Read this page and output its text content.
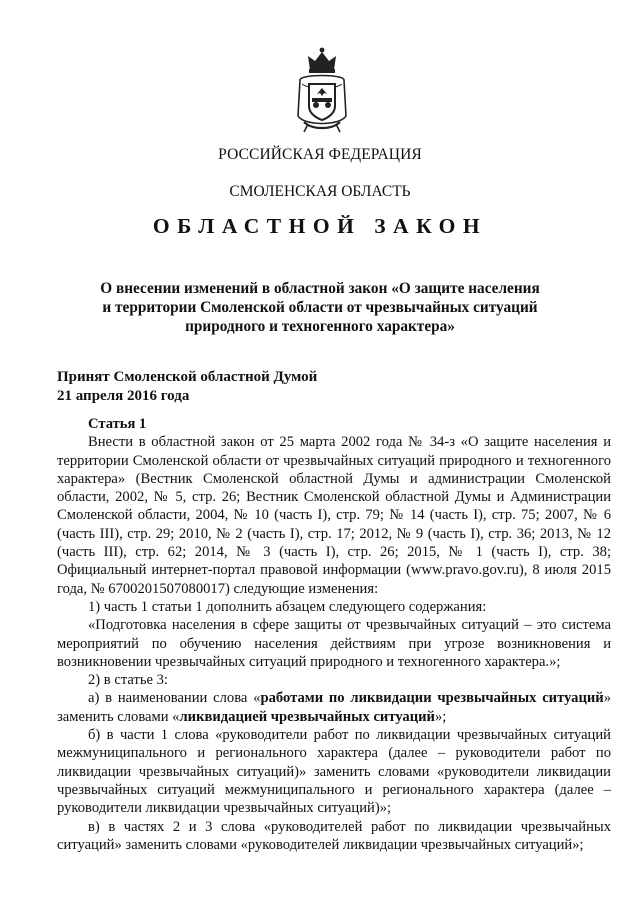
РОССИЙСКАЯ ФЕДЕРАЦИЯ
СМОЛЕНСКАЯ ОБЛАСТЬ
ОБЛАСТНОЙ ЗАКОН
О внесении изменений в областной закон «О защите населения
и территории Смоленской области от чрезвычайных ситуаций
природного и техногенного характера»
Принят Смоленской областной Думой
21 апреля 2016 года

Статья 1

Внести в областной закон от 25 марта 2002 года № 34-з «О защите населения и территории Смоленской области от чрезвычайных ситуаций природного и техногенного характера» (Вестник Смоленской областной Думы и администрации Смоленской области, 2002, № 5, стр. 26; Вестник Смоленской областной Думы и Администрации Смоленской области, 2004, № 10 (часть I), стр. 79; № 14 (часть I), стр. 75; 2007, № 6 (часть III), стр. 29; 2010, № 2 (часть I), стр. 17; 2012, № 9 (часть I), стр. 36; 2013, № 12 (часть III), стр. 62; 2014, № 3 (часть I), стр. 26; 2015, № 1 (часть I), стр. 38; Официальный интернет-портал правовой информации (www.pravo.gov.ru), 8 июля 2015 года, № 6700201507080017) следующие изменения:

1) часть 1 статьи 1 дополнить абзацем следующего содержания:

«Подготовка населения в сфере защиты от чрезвычайных ситуаций – это система мероприятий по обучению населения действиям при угрозе возникновения и возникновении чрезвычайных ситуаций природного и техногенного характера.»;

2) в статье 3:

а) в наименовании слова «работами по ликвидации чрезвычайных ситуаций» заменить словами «ликвидацией чрезвычайных ситуаций»;

б) в части 1 слова «руководители работ по ликвидации чрезвычайных ситуаций межмуниципального и регионального характера (далее – руководители работ по ликвидации чрезвычайных ситуаций)» заменить словами «руководители ликвидации чрезвычайных ситуаций межмуниципального и регионального характера (далее – руководители ликвидации чрезвычайных ситуаций)»;

в) в частях 2 и 3 слова «руководителей работ по ликвидации чрезвычайных ситуаций» заменить словами «руководителей ликвидации чрезвычайных ситуаций»;
